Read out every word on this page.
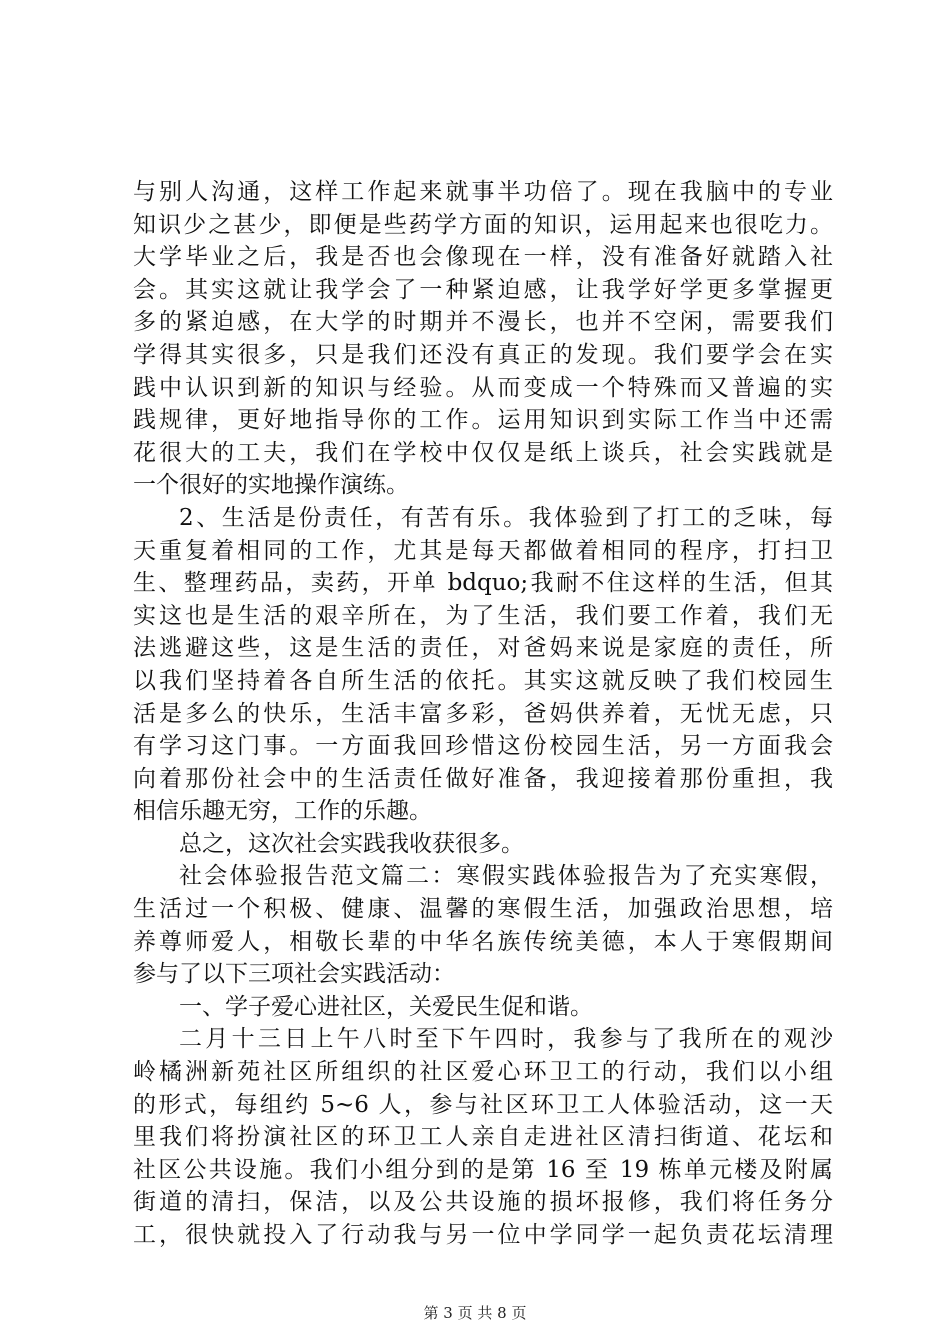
与别人沟通，这样工作起来就事半功倍了。现在我脑中的专业
知识少之甚少，即便是些药学方面的知识，运用起来也很吃力。
大学毕业之后，我是否也会像现在一样，没有准备好就踏入社
会。其实这就让我学会了一种紧迫感，让我学好学更多掌握更
多的紧迫感，在大学的时期并不漫长，也并不空闲，需要我们
学得其实很多，只是我们还没有真正的发现。我们要学会在实
践中认识到新的知识与经验。从而变成一个特殊而又普遍的实
践规律，更好地指导你的工作。运用知识到实际工作当中还需
花很大的工夫，我们在学校中仅仅是纸上谈兵，社会实践就是
一个很好的实地操作演练。
2、生活是份责任，有苦有乐。我体验到了打工的乏味，每
天重复着相同的工作，尤其是每天都做着相同的程序，打扫卫
生、整理药品，卖药，开单 bdquo;我耐不住这样的生活，但其
实这也是生活的艰辛所在，为了生活，我们要工作着，我们无
法逃避这些，这是生活的责任，对爸妈来说是家庭的责任，所
以我们坚持着各自所生活的依托。其实这就反映了我们校园生
活是多么的快乐，生活丰富多彩，爸妈供养着，无忧无虑，只
有学习这门事。一方面我回珍惜这份校园生活，另一方面我会
向着那份社会中的生活责任做好准备，我迎接着那份重担，我
相信乐趣无穷，工作的乐趣。
总之，这次社会实践我收获很多。
社会体验报告范文篇二：寒假实践体验报告为了充实寒假，
生活过一个积极、健康、温馨的寒假生活，加强政治思想，培
养尊师爱人，相敬长辈的中华名族传统美德，本人于寒假期间
参与了以下三项社会实践活动：
一、学子爱心进社区，关爱民生促和谐。
二月十三日上午八时至下午四时，我参与了我所在的观沙
岭橘洲新苑社区所组织的社区爱心环卫工的行动，我们以小组
的形式，每组约 5~6 人，参与社区环卫工人体验活动，这一天
里我们将扮演社区的环卫工人亲自走进社区清扫街道、花坛和
社区公共设施。我们小组分到的是第 16 至 19 栋单元楼及附属
街道的清扫，保洁，以及公共设施的损坏报修，我们将任务分
工，很快就投入了行动我与另一位中学同学一起负责花坛清理
第 3 页 共 8 页
